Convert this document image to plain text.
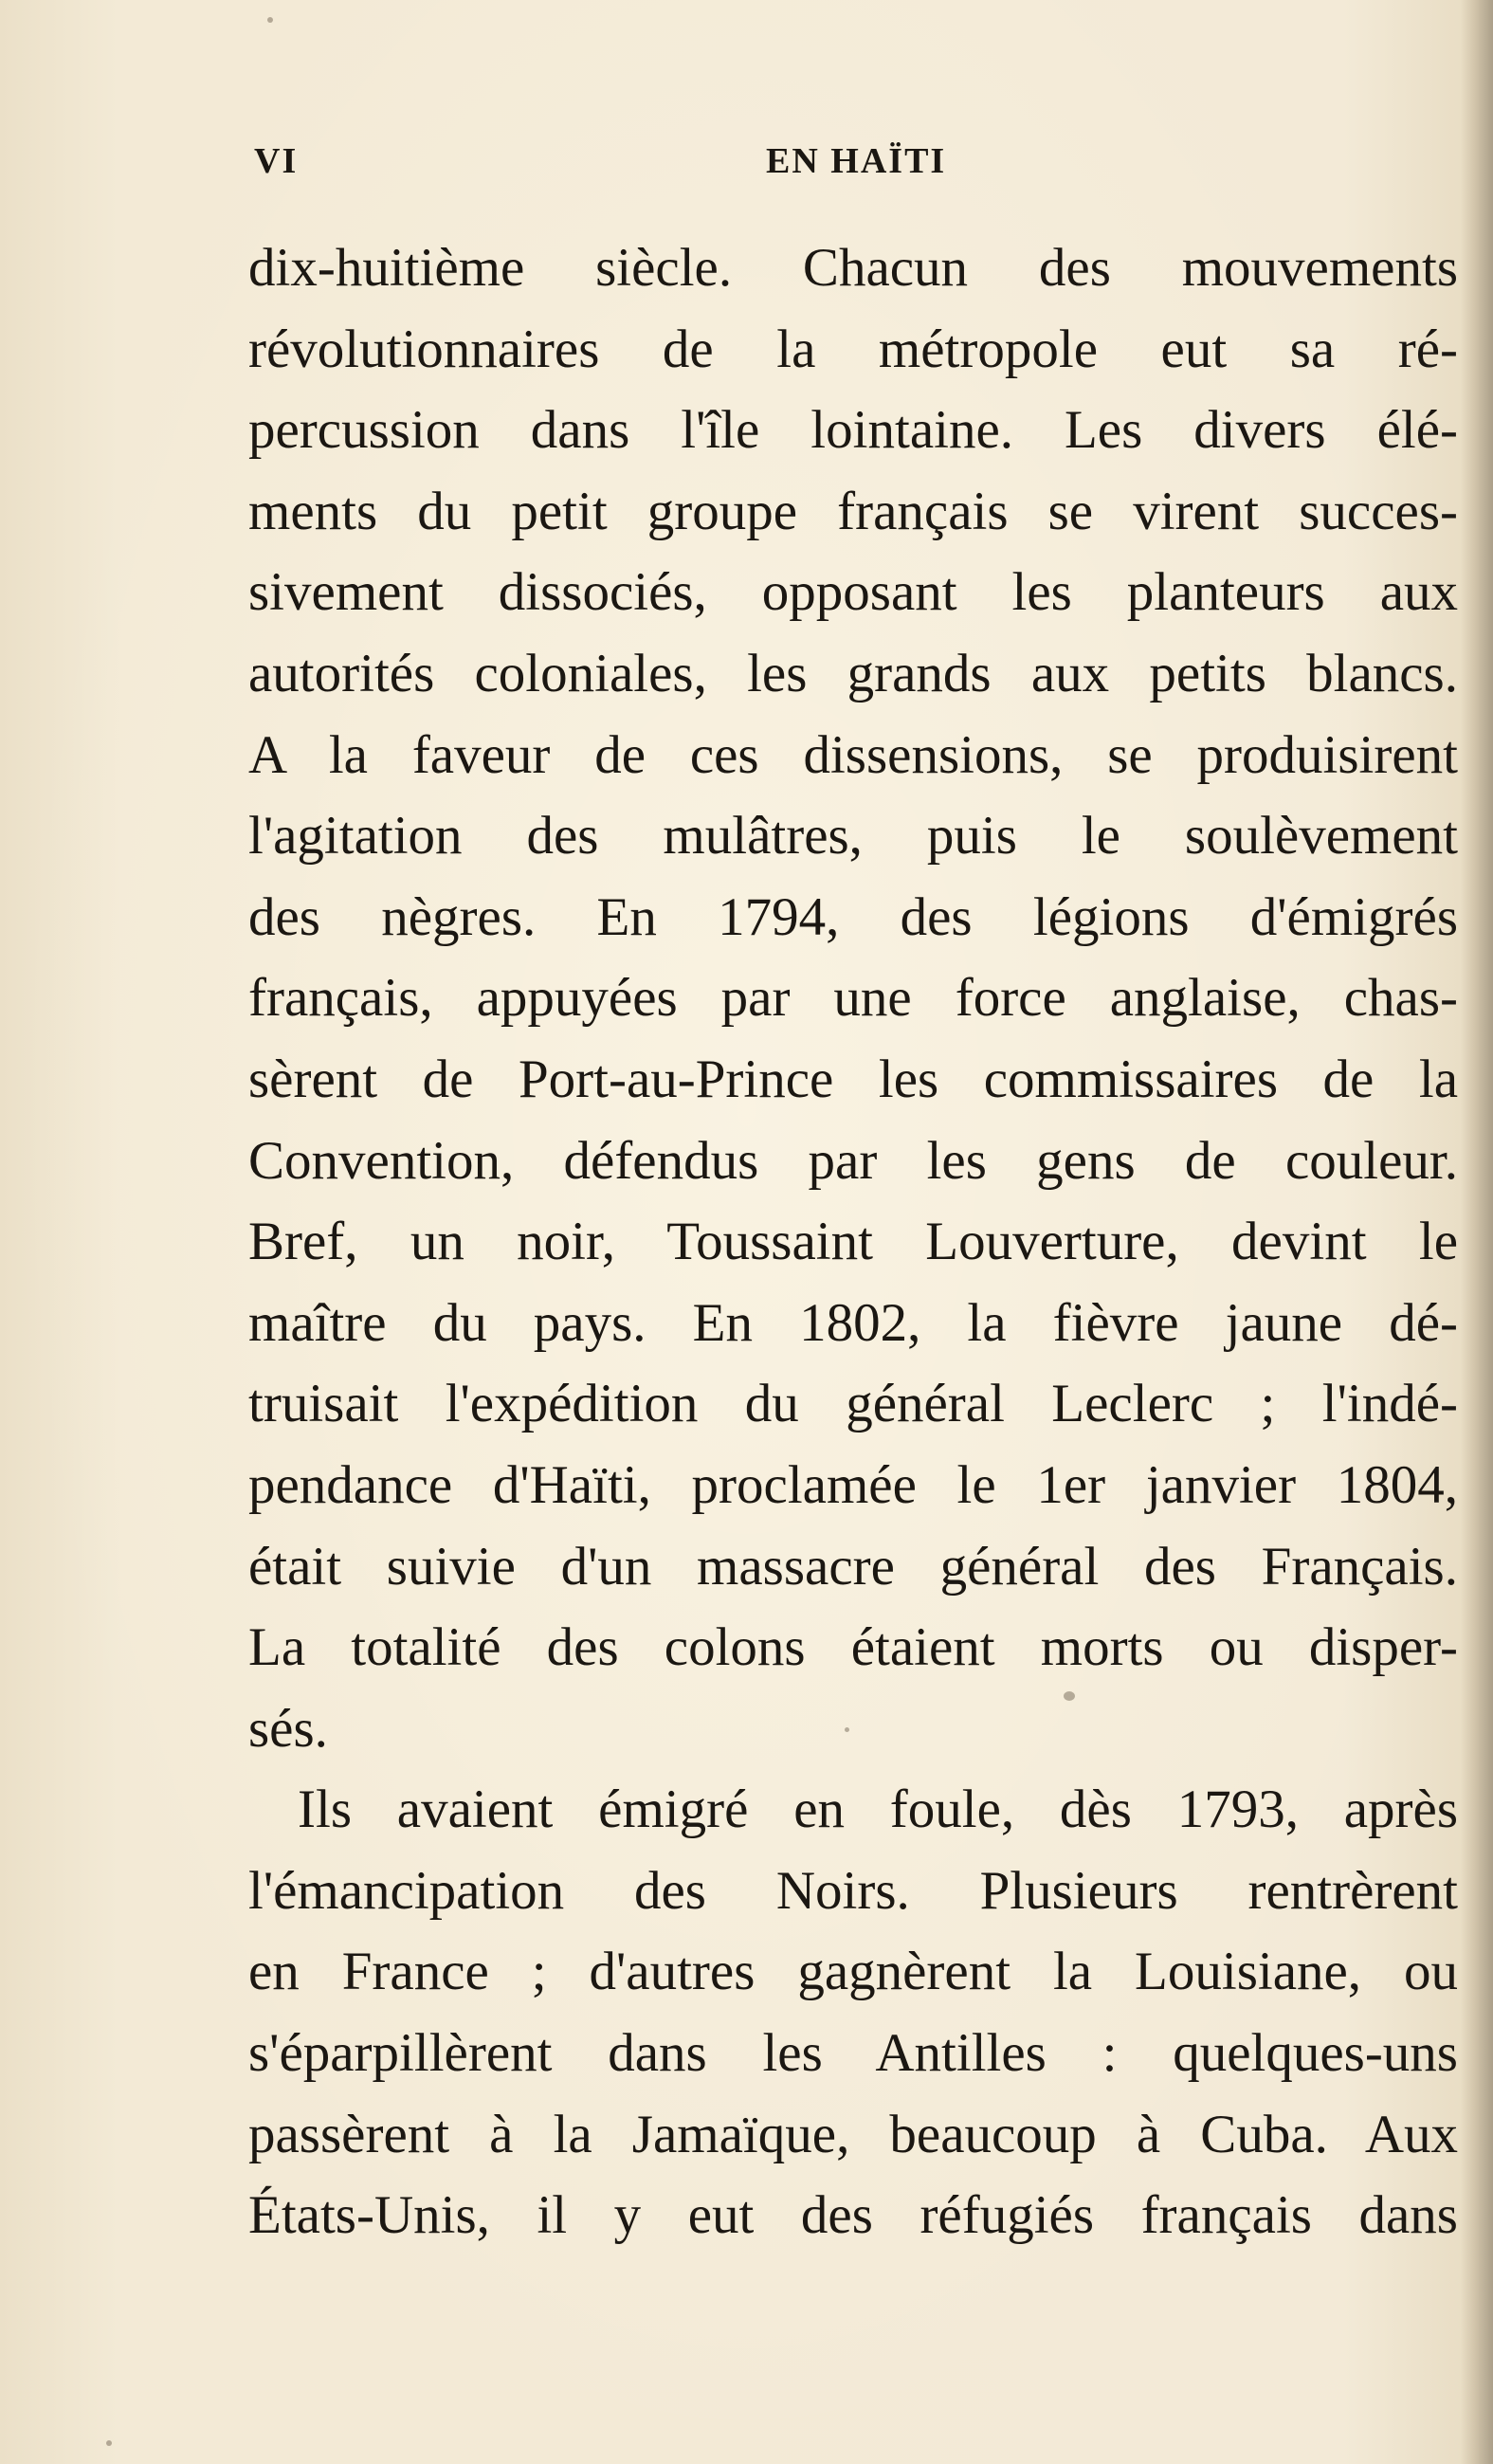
VI	EN HAÏTI
dix-huitième siècle. Chacun des mouvements
révolutionnaires de la métropole eut sa ré-
percussion dans l'île lointaine. Les divers élé-
ments du petit groupe français se virent succes-
sivement dissociés, opposant les planteurs aux
autorités coloniales, les grands aux petits blancs.
A la faveur de ces dissensions, se produisirent
l'agitation des mulâtres, puis le soulèvement
des nègres. En 1794, des légions d'émigrés
français, appuyées par une force anglaise, chas-
sèrent de Port-au-Prince les commissaires de la
Convention, défendus par les gens de couleur.
Bref, un noir, Toussaint Louverture, devint le
maître du pays. En 1802, la fièvre jaune dé-
truisait l'expédition du général Leclerc ; l'indé-
pendance d'Haïti, proclamée le 1er janvier 1804,
était suivie d'un massacre général des Français.
La totalité des colons étaient morts ou disper-
sés.
Ils avaient émigré en foule, dès 1793, après
l'émancipation des Noirs. Plusieurs rentrèrent
en France ; d'autres gagnèrent la Louisiane, ou
s'éparpillèrent dans les Antilles : quelques-uns
passèrent à la Jamaïque, beaucoup à Cuba. Aux
États-Unis, il y eut des réfugiés français dans
